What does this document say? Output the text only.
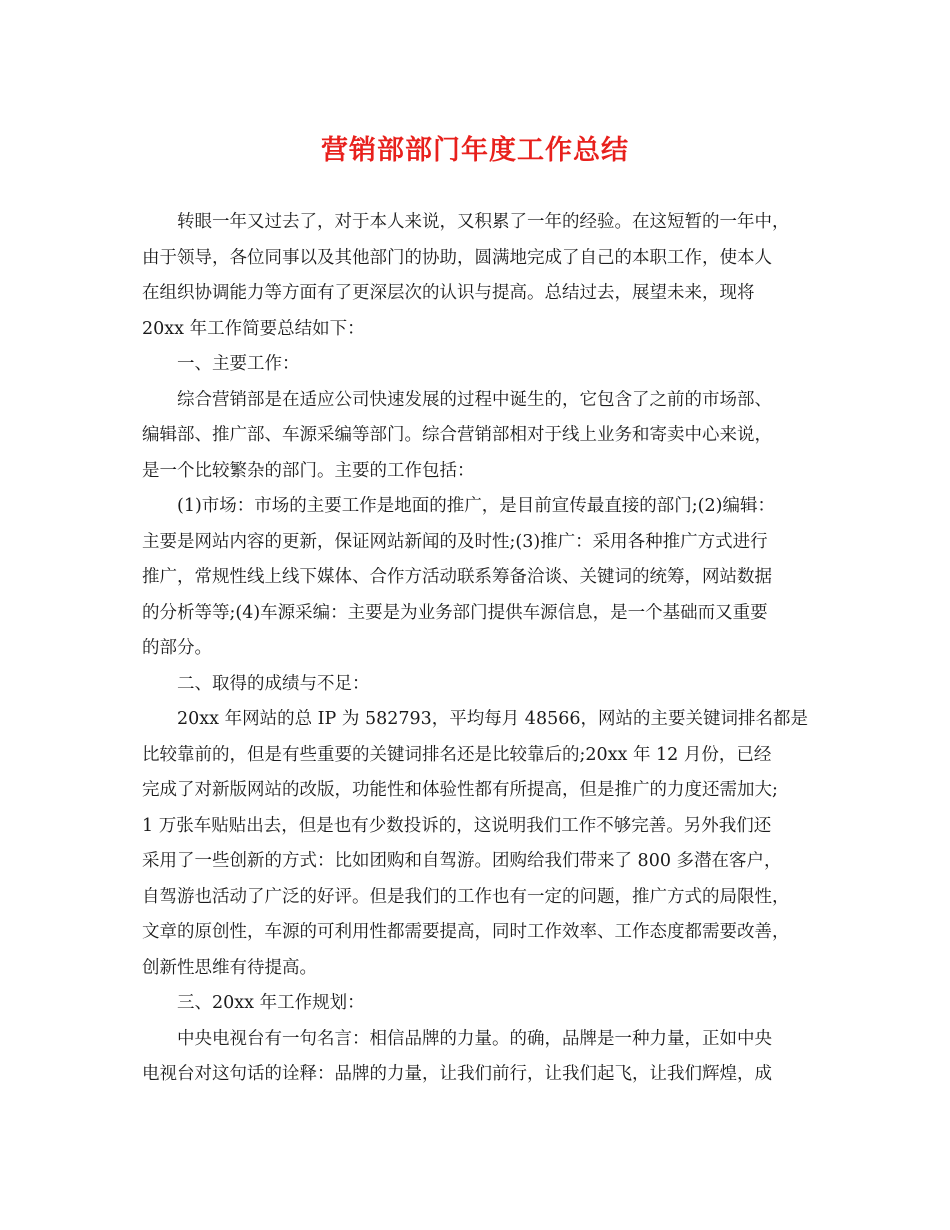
营销部部门年度工作总结

转眼一年又过去了，对于本人来说，又积累了一年的经验。在这短暂的一年中，

由于领导，各位同事以及其他部门的协助，圆满地完成了自己的本职工作，使本人

在组织协调能力等方面有了更深层次的认识与提高。总结过去，展望未来，现将

20xx 年工作简要总结如下：

一、主要工作：

综合营销部是在适应公司快速发展的过程中诞生的，它包含了之前的市场部、

编辑部、推广部、车源采编等部门。综合营销部相对于线上业务和寄卖中心来说，

是一个比较繁杂的部门。主要的工作包括：

(1)市场：市场的主要工作是地面的推广，是目前宣传最直接的部门;(2)编辑：

主要是网站内容的更新，保证网站新闻的及时性;(3)推广：采用各种推广方式进行

推广，常规性线上线下媒体、合作方活动联系筹备洽谈、关键词的统筹，网站数据

的分析等等;(4)车源采编：主要是为业务部门提供车源信息，是一个基础而又重要

的部分。

二、取得的成绩与不足：

20xx 年网站的总 IP 为 582793，平均每月 48566，网站的主要关键词排名都是

比较靠前的，但是有些重要的关键词排名还是比较靠后的;20xx 年 12 月份，已经

完成了对新版网站的改版，功能性和体验性都有所提高，但是推广的力度还需加大;

1 万张车贴贴出去，但是也有少数投诉的，这说明我们工作不够完善。另外我们还

采用了一些创新的方式：比如团购和自驾游。团购给我们带来了 800 多潜在客户，

自驾游也活动了广泛的好评。但是我们的工作也有一定的问题，推广方式的局限性，

文章的原创性，车源的可利用性都需要提高，同时工作效率、工作态度都需要改善，

创新性思维有待提高。

三、20xx 年工作规划：

中央电视台有一句名言：相信品牌的力量。的确，品牌是一种力量，正如中央

电视台对这句话的诠释：品牌的力量，让我们前行，让我们起飞，让我们辉煌，成
